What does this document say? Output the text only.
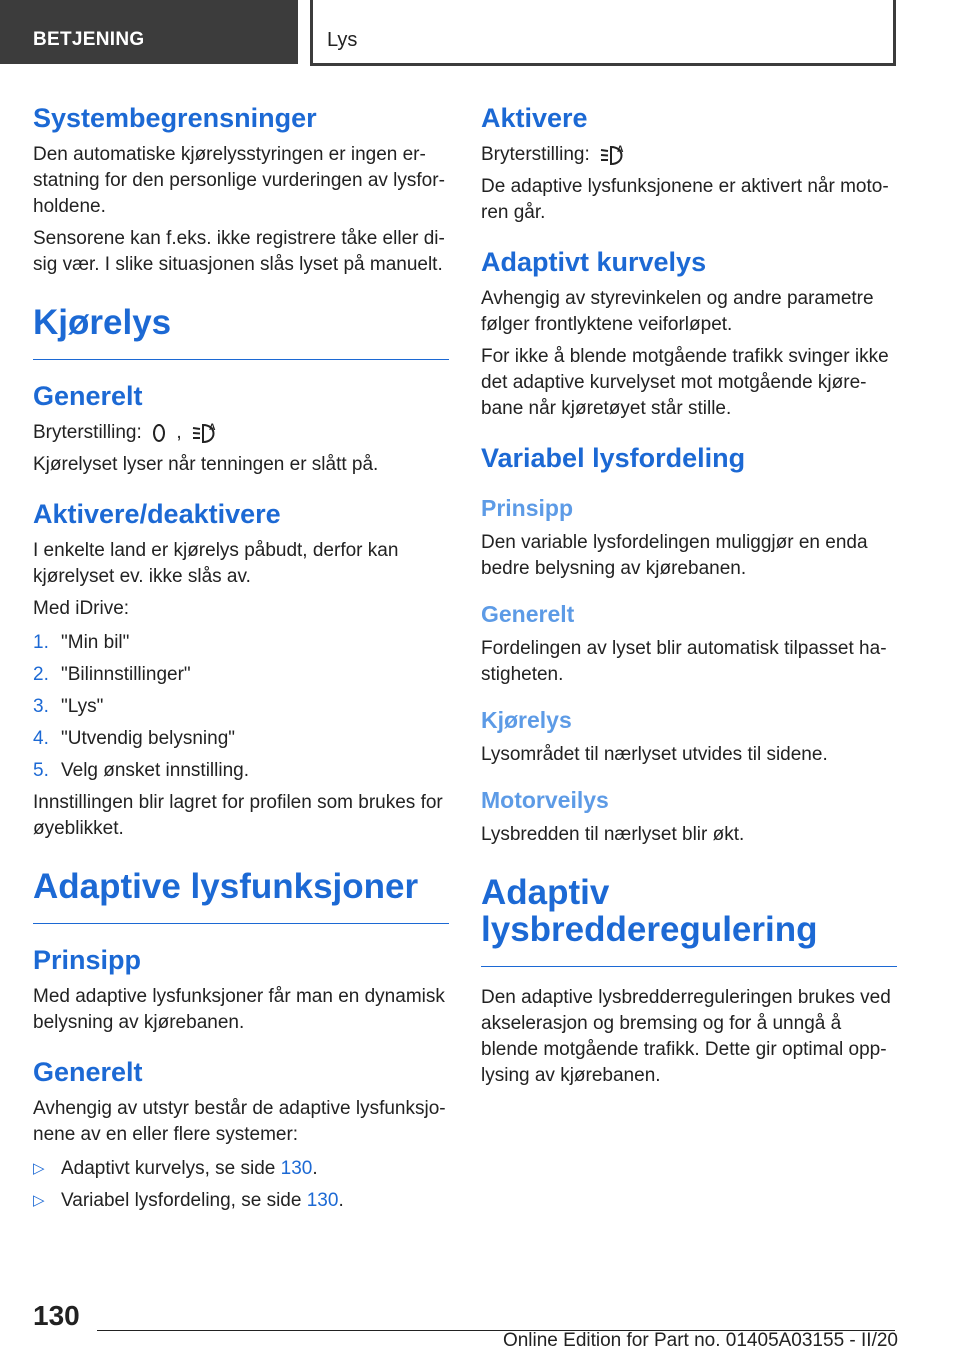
BETJENING	Lys
Systembegrensninger

Den automatiske kjørelysstyringen er ingen erstatning for den personlige vurderingen av lysforholdene.

Sensorene kan f.eks. ikke registrere tåke eller disig vær. I slike situasjonen slås lyset på manuelt.

Kjørelys
Generelt

Bryterstilling: ,	A

Kjørelyset lyser når tenningen er slått på.

Aktivere/deaktivere

I enkelte land er kjørelys påbudt, derfor kan kjørelyset ev. ikke slås av.

Med iDrive:

1. "Min bil"
2. "Bilinnstillinger"
3. "Lys"
4. "Utvendig belysning"
5. Velg ønsket innstilling.

Innstillingen blir lagret for profilen som brukes for øyeblikket.

Adaptive lysfunksjoner
Prinsipp

Med adaptive lysfunksjoner får man en dynamisk belysning av kjørebanen.

Generelt

Avhengig av utstyr består de adaptive lysfunksjonene av en eller flere systemer:

▷ Adaptivt kurvelys, se side 130.
▷ Variabel lysfordeling, se side 130.
Aktivere

Bryterstilling:	A

De adaptive lysfunksjonene er aktivert når motoren går.

Adaptivt kurvelys

Avhengig av styrevinkelen og andre parametre følger frontlyktene veiforløpet.

For ikke å blende motgående trafikk svinger ikke det adaptive kurvelyset mot motgående kjørebane når kjøretøyet står stille.

Variabel lysfordeling
Prinsipp

Den variable lysfordelingen muliggjør en enda bedre belysning av kjørebanen.

Generelt

Fordelingen av lyset blir automatisk tilpasset hastigheten.

Kjørelys

Lysområdet til nærlyset utvides til sidene.

Motorveilys

Lysbredden til nærlyset blir økt.

Adaptiv lysbredderegulering

Den adaptive lysbredderreguleringen brukes ved akselerasjon og bremsing og for å unngå å blende motgående trafikk. Dette gir optimal opplysing av kjørebanen.

130
Online Edition for Part no. 01405A03155 - II/20
